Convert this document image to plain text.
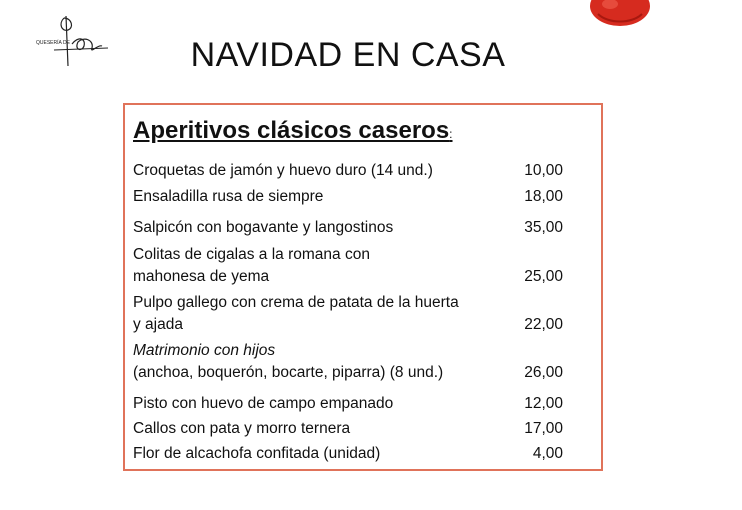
QUESERÍA DE	NAVIDAD EN CASA
Aperitivos clásicos caseros:
Croquetas de jamón y huevo duro (14 und.)	10,00
Ensaladilla rusa de siempre	18,00
Salpicón con bogavante y langostinos	35,00
Colitas de cigalas a la romana con
mahonesa de yema	25,00
Pulpo gallego con crema de patata de la huerta
y ajada	22,00
Matrimonio con hijos
(anchoa, boquerón, bocarte, piparra) (8 und.)	26,00
Pisto con huevo de campo empanado	12,00
Callos con pata y morro ternera	17,00
Flor de alcachofa confitada (unidad)	4,00
